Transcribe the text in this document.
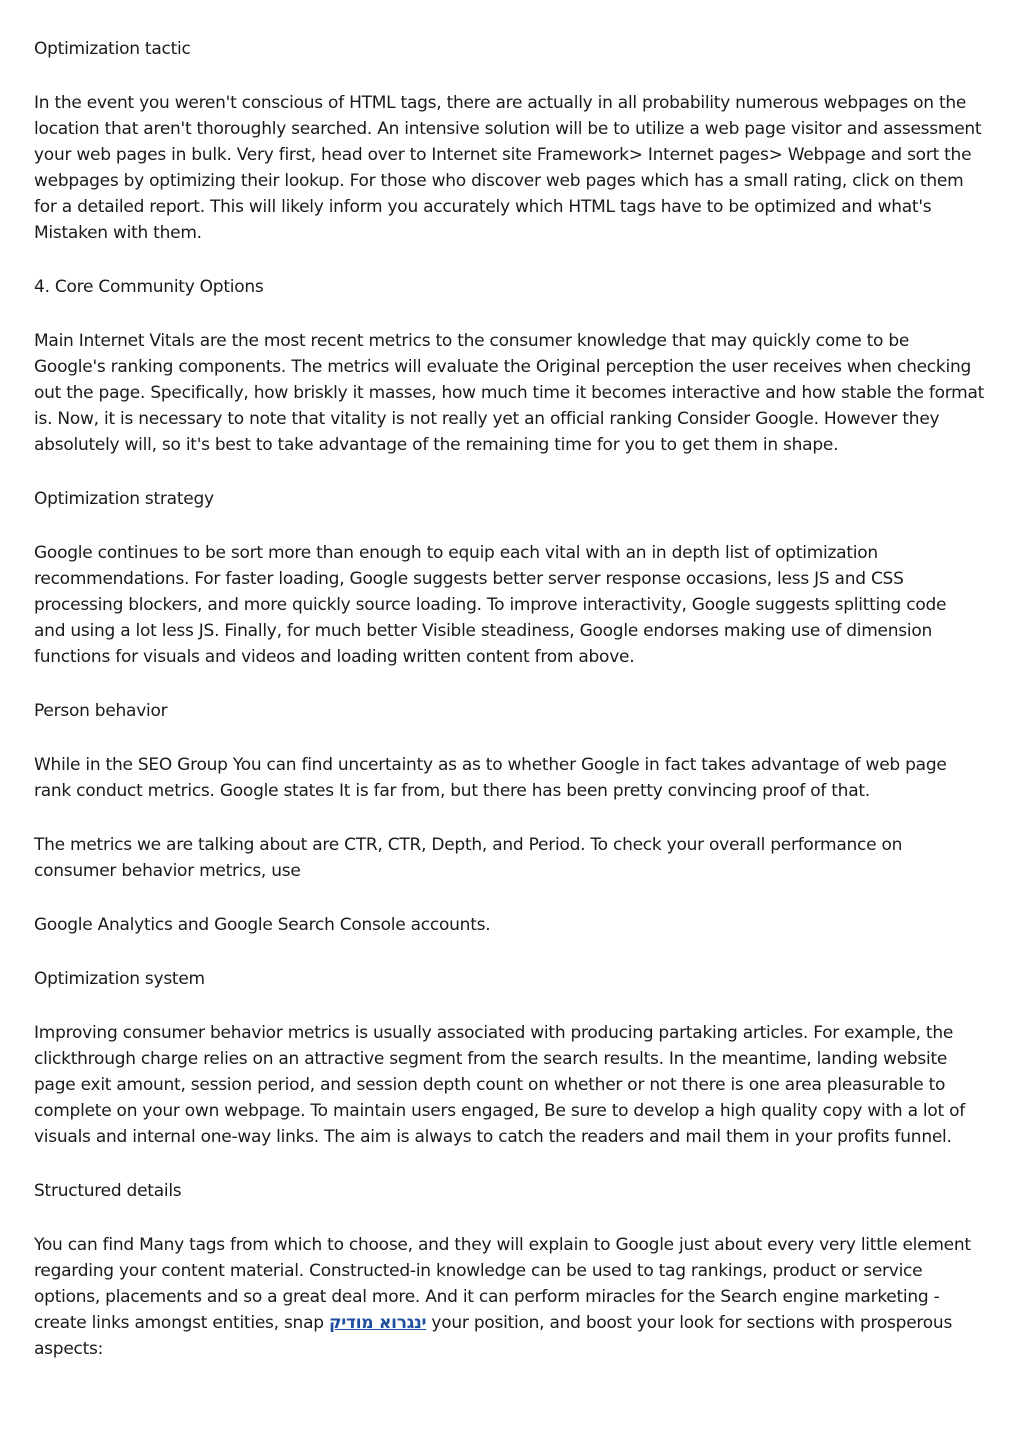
Optimization tactic
In the event you weren't conscious of HTML tags, there are actually in all probability numerous webpages on the
location that aren't thoroughly searched. An intensive solution will be to utilize a web page visitor and assessment
your web pages in bulk. Very first, head over to Internet site Framework> Internet pages> Webpage and sort the
webpages by optimizing their lookup. For those who discover web pages which has a small rating, click on them
for a detailed report. This will likely inform you accurately which HTML tags have to be optimized and what's
Mistaken with them.
4. Core Community Options
Main Internet Vitals are the most recent metrics to the consumer knowledge that may quickly come to be
Google's ranking components. The metrics will evaluate the Original perception the user receives when checking
out the page. Specifically, how briskly it masses, how much time it becomes interactive and how stable the format
is. Now, it is necessary to note that vitality is not really yet an official ranking Consider Google. However they
absolutely will, so it's best to take advantage of the remaining time for you to get them in shape.
Optimization strategy
Google continues to be sort more than enough to equip each vital with an in depth list of optimization
recommendations. For faster loading, Google suggests better server response occasions, less JS and CSS
processing blockers, and more quickly source loading. To improve interactivity, Google suggests splitting code
and using a lot less JS. Finally, for much better Visible steadiness, Google endorses making use of dimension
functions for visuals and videos and loading written content from above.
Person behavior
While in the SEO Group You can find uncertainty as as to whether Google in fact takes advantage of web page
rank conduct metrics. Google states It is far from, but there has been pretty convincing proof of that.
The metrics we are talking about are CTR, CTR, Depth, and Period. To check your overall performance on
consumer behavior metrics, use
Google Analytics and Google Search Console accounts.
Optimization system
Improving consumer behavior metrics is usually associated with producing partaking articles. For example, the
clickthrough charge relies on an attractive segment from the search results. In the meantime, landing website
page exit amount, session period, and session depth count on whether or not there is one area pleasurable to
complete on your own webpage. To maintain users engaged, Be sure to develop a high quality copy with a lot of
visuals and internal one-way links. The aim is always to catch the readers and mail them in your profits funnel.
Structured details
You can find Many tags from which to choose, and they will explain to Google just about every very little element
regarding your content material. Constructed-in knowledge can be used to tag rankings, product or service
options, placements and so a great deal more. And it can perform miracles for the Search engine marketing -
create links amongst entities, snap ינגרוא מודיק your position, and boost your look for sections with prosperous
aspects:
